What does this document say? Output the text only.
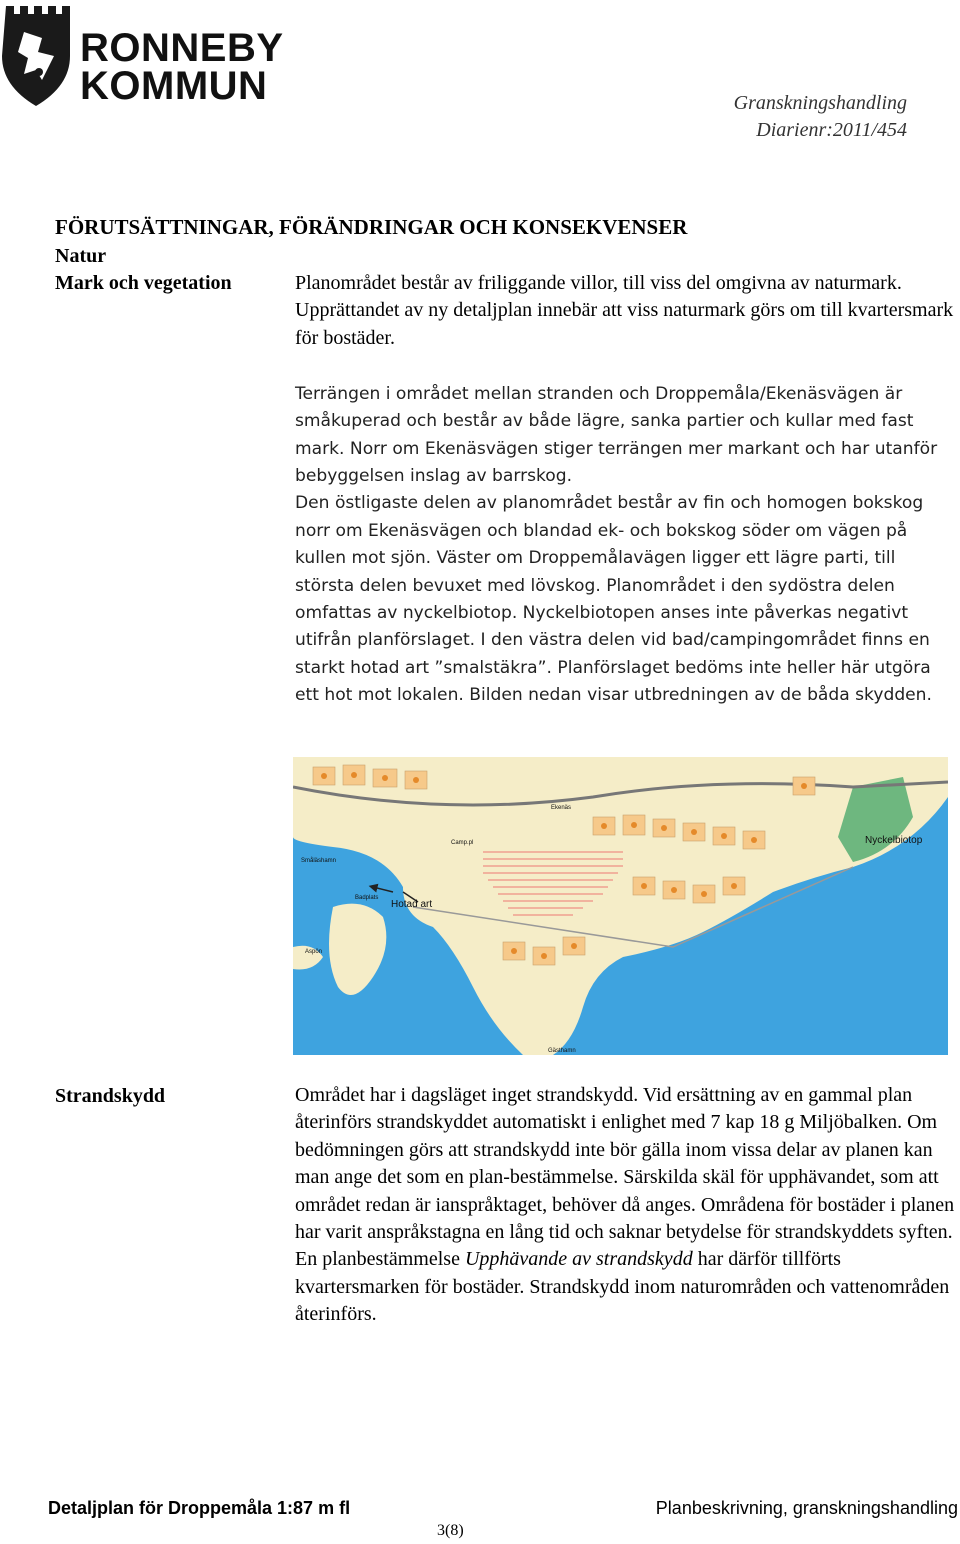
RONNEBY
KOMMUN	Granskningshandling
Diarienr:2011/454
FÖRUTSÄTTNINGAR, FÖRÄNDRINGAR OCH KONSEKVENSER
Natur
Mark och vegetation	Planområdet består av friliggande villor, till viss del omgivna av naturmark. Upprättandet av ny detaljplan innebär att viss naturmark görs om till kvartersmark för bostäder.
Terrängen i området mellan stranden och Droppemåla/Ekenäsvägen är småkuperad och består av både lägre, sanka partier och kullar med fast mark. Norr om Ekenäsvägen stiger terrängen mer markant och har utanför bebyggelsen inslag av barrskog.

Den östligaste delen av planområdet består av fin och homogen bokskog norr om Ekenäsvägen och blandad ek- och bokskog söder om vägen på kullen mot sjön. Väster om Droppemålavägen ligger ett lägre parti, till största delen bevuxet med lövskog. Planområdet i den sydöstra delen omfattas av nyckelbiotop. Nyckelbiotopen anses inte påverkas negativt utifrån planförslaget. I den västra delen vid bad/campingområdet finns en starkt hotad art ”smalstäkra”. Planförslaget bedöms inte heller här utgöra ett hot mot lokalen. Bilden nedan visar utbredningen av de båda skydden.

Nyckelbiotop
Hotad art
Småläshamn
Badplats
Camp.pl
Aspön
Gästhamn
Ekenäs
Strandskydd	Området har i dagsläget inget strandskydd. Vid ersättning av en gammal plan återinförs strandskyddet automatiskt i enlighet med 7 kap 18 g Miljöbalken. Om bedömningen görs att strandskydd inte bör gälla inom vissa delar av planen kan man ange det som en plan-bestämmelse. Särskilda skäl för upphävandet, som att området redan är ianspråktaget, behöver då anges. Områdena för bostäder i planen har varit anspråkstagna en lång tid och saknar betydelse för strandskyddets syften. En planbestämmelse Upphävande av strandskydd har därför tillförts kvartersmarken för bostäder. Strandskydd inom naturområden och vattenområden återinförs.
Detaljplan för Droppemåla 1:87 m fl	Planbeskrivning, granskningshandling
3(8)
